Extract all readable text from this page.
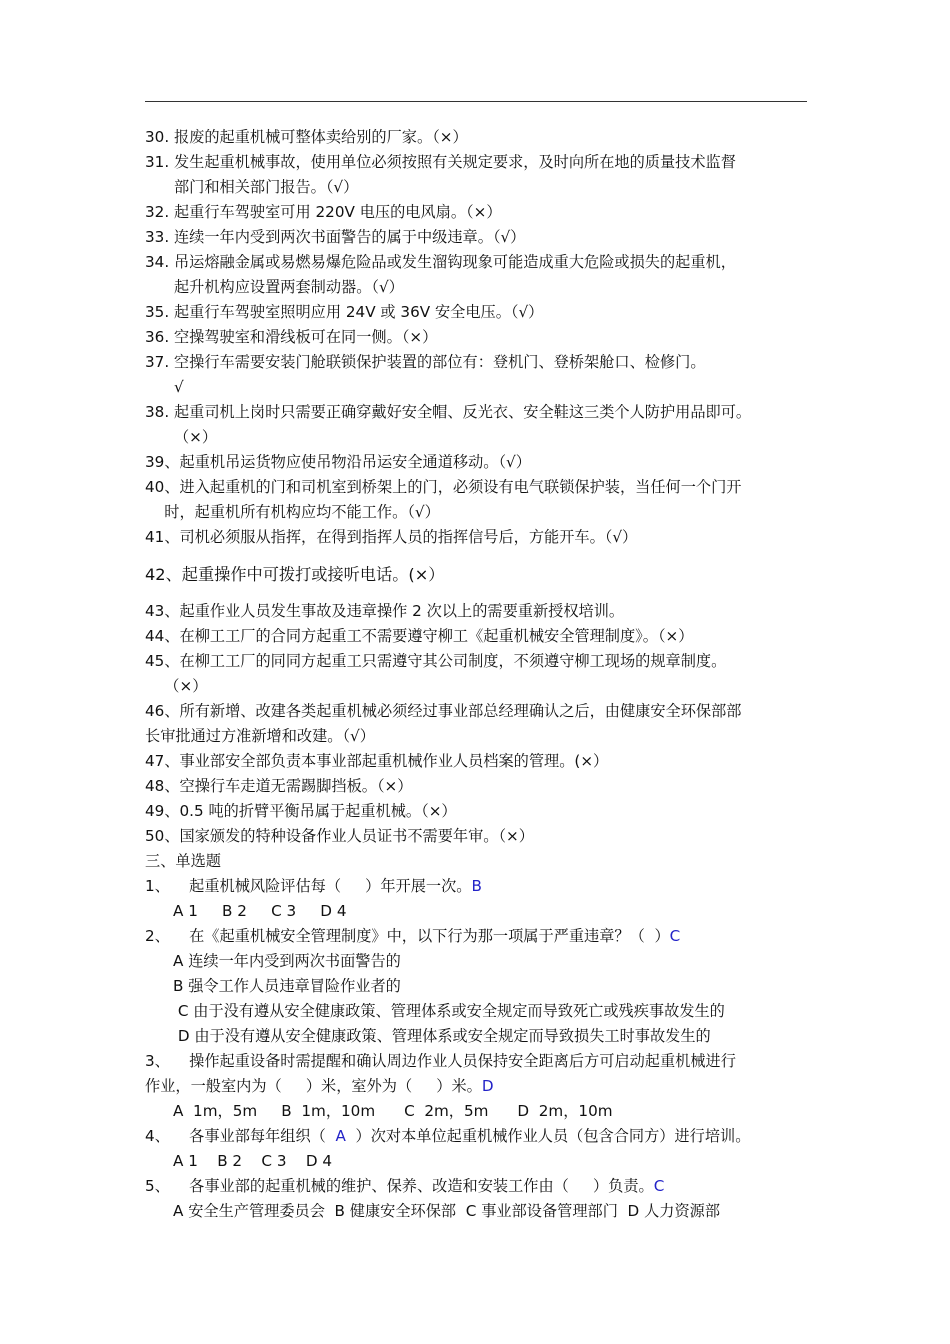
30. 报废的起重机械可整体卖给别的厂家。（×）
31. 发生起重机械事故，使用单位必须按照有关规定要求，及时向所在地的质量技术监督
部门和相关部门报告。（√）
32. 起重行车驾驶室可用 220V 电压的电风扇。（×）
33. 连续一年内受到两次书面警告的属于中级违章。（√）
34. 吊运熔融金属或易燃易爆危险品或发生溜钩现象可能造成重大危险或损失的起重机，
起升机构应设置两套制动器。（√）
35. 起重行车驾驶室照明应用 24V 或 36V 安全电压。（√）
36. 空操驾驶室和滑线板可在同一侧。（×）
37. 空操行车需要安装门舱联锁保护装置的部位有：登机门、登桥架舱口、检修门。
√
38. 起重司机上岗时只需要正确穿戴好安全帽、反光衣、安全鞋这三类个人防护用品即可。
（×）
39、起重机吊运货物应使吊物沿吊运安全通道移动。（√）
40、进入起重机的门和司机室到桥架上的门，必须设有电气联锁保护装，当任何一个门开
时，起重机所有机构应均不能工作。（√）
41、司机必须服从指挥，在得到指挥人员的指挥信号后，方能开车。（√）
42、起重操作中可拨打或接听电话。(×）
43、起重作业人员发生事故及违章操作 2 次以上的需要重新授权培训。
44、在柳工工厂的合同方起重工不需要遵守柳工《起重机械安全管理制度》。（×）
45、在柳工工厂的同同方起重工只需遵守其公司制度，不须遵守柳工现场的规章制度。
（×）
46、所有新增、改建各类起重机械必须经过事业部总经理确认之后，由健康安全环保部部
长审批通过方准新增和改建。（√）
47、事业部安全部负责本事业部起重机械作业人员档案的管理。(×）
48、空操行车走道无需踢脚挡板。（×）
49、0.5 吨的折臂平衡吊属于起重机械。（×）
50、国家颁发的特种设备作业人员证书不需要年审。（×）
三、单选题
1、    起重机械风险评估每（     ）年开展一次。B
A 1     B 2     C 3     D 4
2、    在《起重机械安全管理制度》中，以下行为那一项属于严重违章？（  ）C
A 连续一年内受到两次书面警告的
B 强令工作人员违章冒险作业者的
C 由于没有遵从安全健康政策、管理体系或安全规定而导致死亡或残疾事故发生的
D 由于没有遵从安全健康政策、管理体系或安全规定而导致损失工时事故发生的
3、    操作起重设备时需提醒和确认周边作业人员保持安全距离后方可启动起重机械进行
作业，一般室内为（     ）米，室外为（     ）米。D
A  1m，5m     B  1m，10m      C  2m，5m      D  2m，10m
4、    各事业部每年组织（  A  ）次对本单位起重机械作业人员（包含合同方）进行培训。
A 1    B 2    C 3    D 4
5、    各事业部的起重机械的维护、保养、改造和安装工作由（     ）负责。C
A 安全生产管理委员会  B 健康安全环保部  C 事业部设备管理部门  D 人力资源部
